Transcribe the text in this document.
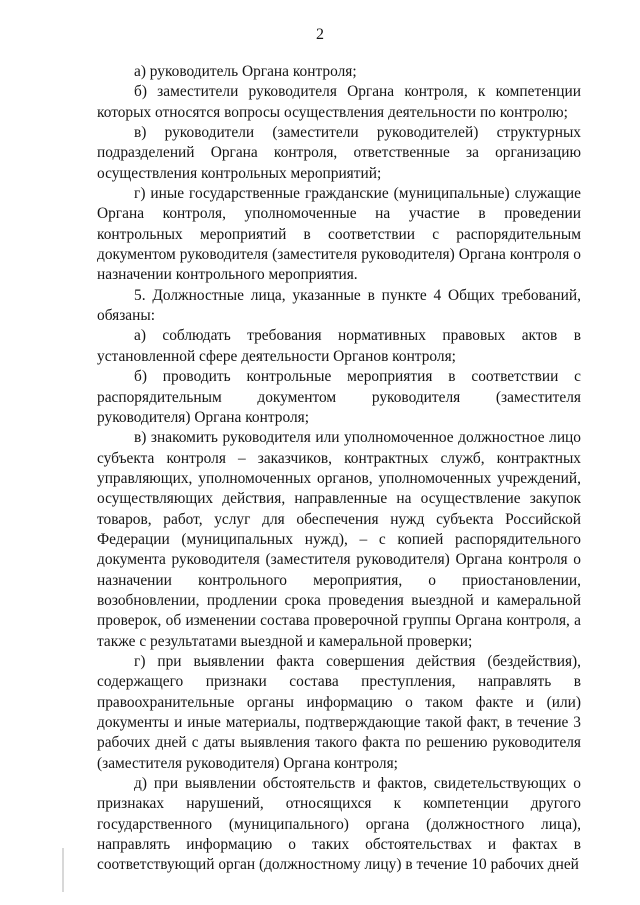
2

а) руководитель Органа контроля;

б) заместители руководителя Органа контроля, к компетенции которых относятся вопросы осуществления деятельности по контролю;

в) руководители (заместители руководителей) структурных подразделений Органа контроля, ответственные за организацию осуществления контрольных мероприятий;

г) иные государственные гражданские (муниципальные) служащие Органа контроля, уполномоченные на участие в проведении контрольных мероприятий в соответствии с распорядительным документом руководителя (заместителя руководителя) Органа контроля о назначении контрольного мероприятия.

5. Должностные лица, указанные в пункте 4 Общих требований, обязаны:

а) соблюдать требования нормативных правовых актов в установленной сфере деятельности Органов контроля;

б) проводить контрольные мероприятия в соответствии с распорядительным документом руководителя (заместителя руководителя) Органа контроля;

в) знакомить руководителя или уполномоченное должностное лицо субъекта контроля – заказчиков, контрактных служб, контрактных управляющих, уполномоченных органов, уполномоченных учреждений, осуществляющих действия, направленные на осуществление закупок товаров, работ, услуг для обеспечения нужд субъекта Российской Федерации (муниципальных нужд), – с копией распорядительного документа руководителя (заместителя руководителя) Органа контроля о назначении контрольного мероприятия, о приостановлении, возобновлении, продлении срока проведения выездной и камеральной проверок, об изменении состава проверочной группы Органа контроля, а также с результатами выездной и камеральной проверки;

г) при выявлении факта совершения действия (бездействия), содержащего признаки состава преступления, направлять в правоохранительные органы информацию о таком факте и (или) документы и иные материалы, подтверждающие такой факт, в течение 3 рабочих дней с даты выявления такого факта по решению руководителя (заместителя руководителя) Органа контроля;

д) при выявлении обстоятельств и фактов, свидетельствующих о признаках нарушений, относящихся к компетенции другого государственного (муниципального) органа (должностного лица), направлять информацию о таких обстоятельствах и фактах в соответствующий орган (должностному лицу) в течение 10 рабочих дней
